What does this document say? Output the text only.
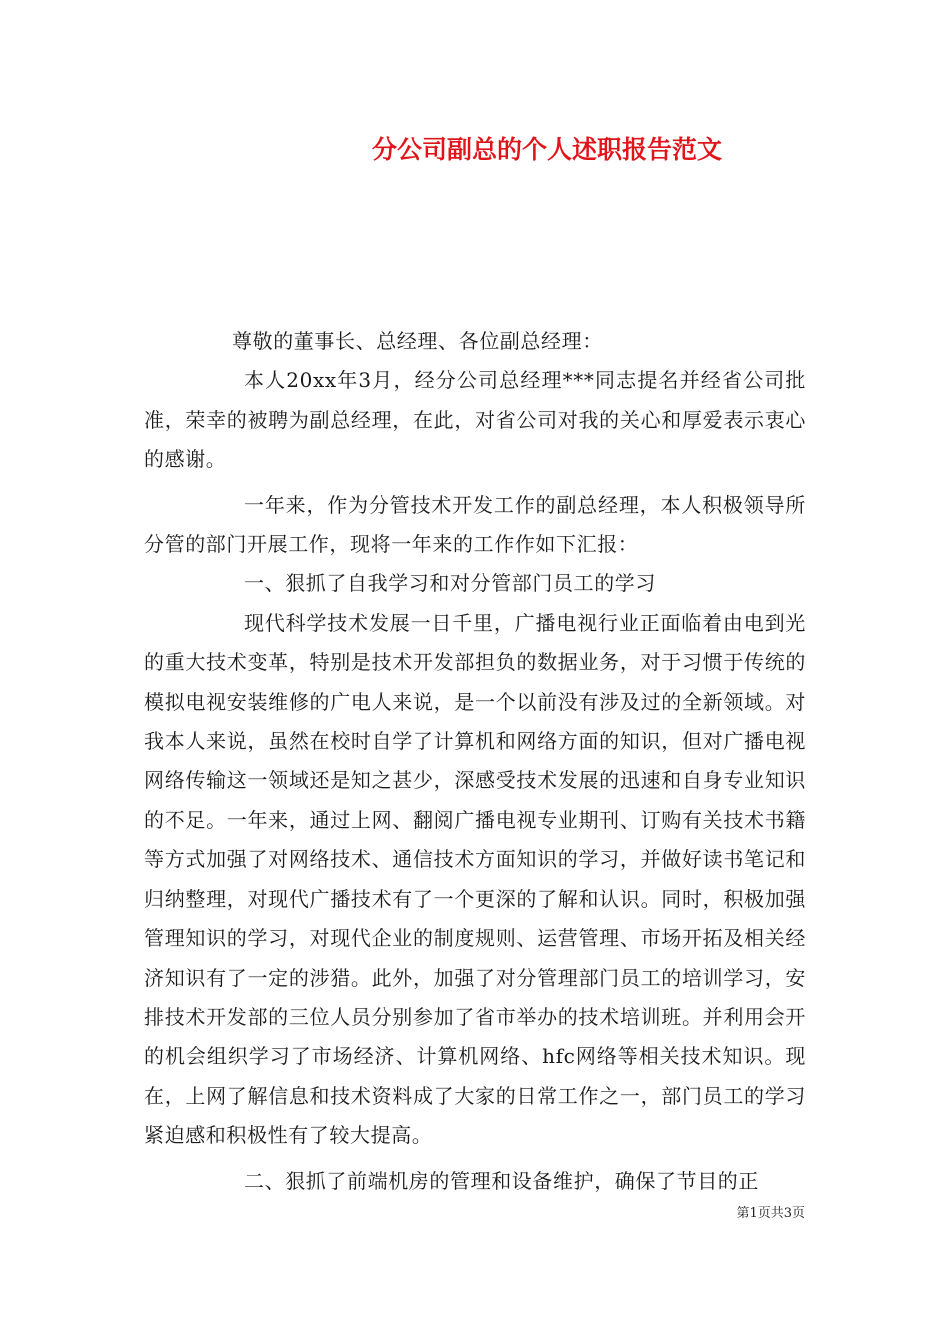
分公司副总的个人述职报告范文

尊敬的董事长、总经理、各位副总经理：

本人20xx年3月，经分公司总经理***同志提名并经省公司批准，荣幸的被聘为副总经理，在此，对省公司对我的关心和厚爱表示衷心的感谢。

一年来，作为分管技术开发工作的副总经理，本人积极领导所分管的部门开展工作，现将一年来的工作作如下汇报：

一、狠抓了自我学习和对分管部门员工的学习

现代科学技术发展一日千里，广播电视行业正面临着由电到光的重大技术变革，特别是技术开发部担负的数据业务，对于习惯于传统的模拟电视安装维修的广电人来说，是一个以前没有涉及过的全新领域。对我本人来说，虽然在校时自学了计算机和网络方面的知识，但对广播电视网络传输这一领域还是知之甚少，深感受技术发展的迅速和自身专业知识的不足。一年来，通过上网、翻阅广播电视专业期刊、订购有关技术书籍等方式加强了对网络技术、通信技术方面知识的学习，并做好读书笔记和归纳整理，对现代广播技术有了一个更深的了解和认识。同时，积极加强管理知识的学习，对现代企业的制度规则、运营管理、市场开拓及相关经济知识有了一定的涉猎。此外，加强了对分管理部门员工的培训学习，安排技术开发部的三位人员分别参加了省市举办的技术培训班。并利用会开的机会组织学习了市场经济、计算机网络、hfc网络等相关技术知识。现在，上网了解信息和技术资料成了大家的日常工作之一，部门员工的学习紧迫感和积极性有了较大提高。

二、狠抓了前端机房的管理和设备维护，确保了节目的正

第1页共3页
